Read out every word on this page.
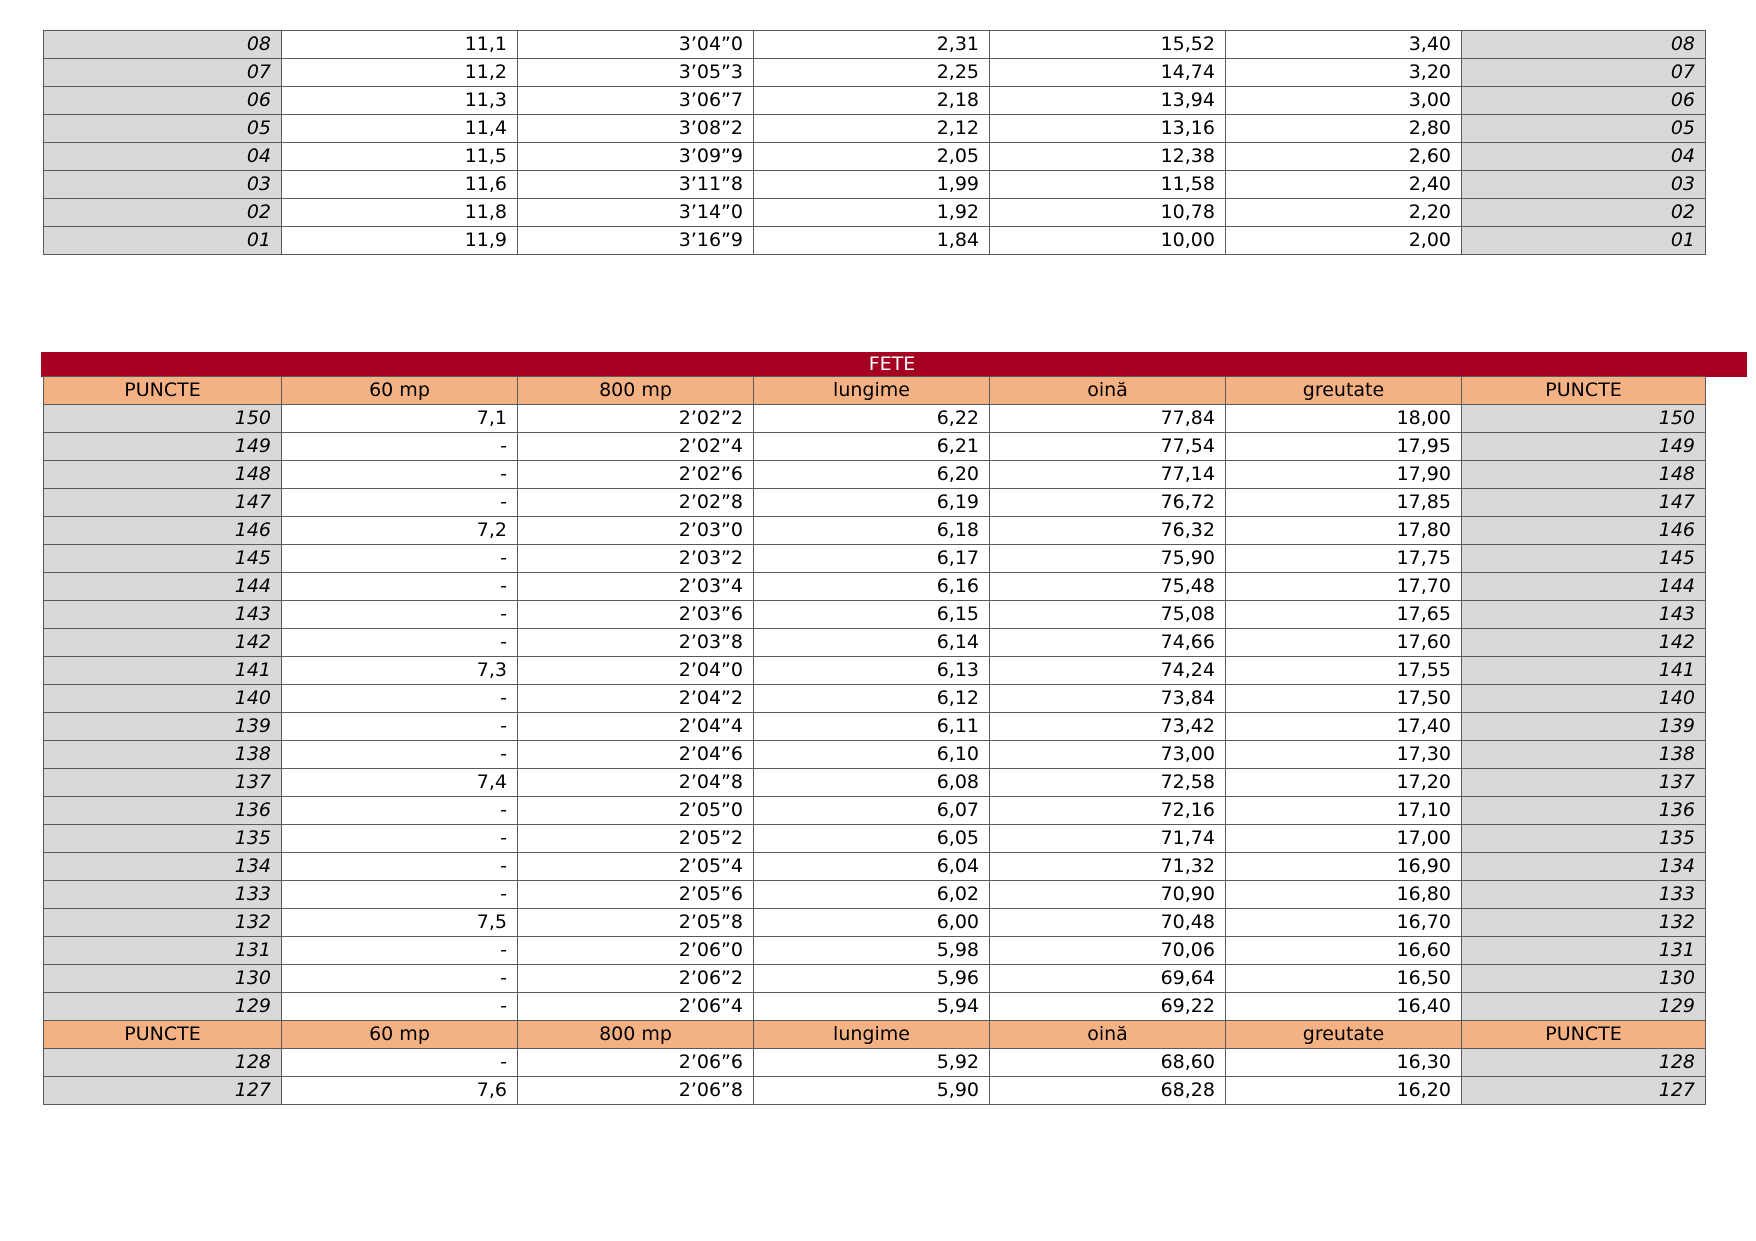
08	11,1	3’04”0	2,31	15,52	3,40	08
07	11,2	3’05”3	2,25	14,74	3,20	07
06	11,3	3’06”7	2,18	13,94	3,00	06
05	11,4	3’08”2	2,12	13,16	2,80	05
04	11,5	3’09”9	2,05	12,38	2,60	04
03	11,6	3’11”8	1,99	11,58	2,40	03
02	11,8	3’14”0	1,92	10,78	2,20	02
01	11,9	3’16”9	1,84	10,00	2,00	01
FETE
PUNCTE	60 mp	800 mp	lungime	oină	greutate	PUNCTE
150	7,1	2’02”2	6,22	77,84	18,00	150
149	-	2’02”4	6,21	77,54	17,95	149
148	-	2’02”6	6,20	77,14	17,90	148
147	-	2’02”8	6,19	76,72	17,85	147
146	7,2	2’03”0	6,18	76,32	17,80	146
145	-	2’03”2	6,17	75,90	17,75	145
144	-	2’03”4	6,16	75,48	17,70	144
143	-	2’03”6	6,15	75,08	17,65	143
142	-	2’03”8	6,14	74,66	17,60	142
141	7,3	2’04”0	6,13	74,24	17,55	141
140	-	2’04”2	6,12	73,84	17,50	140
139	-	2’04”4	6,11	73,42	17,40	139
138	-	2’04”6	6,10	73,00	17,30	138
137	7,4	2’04”8	6,08	72,58	17,20	137
136	-	2’05”0	6,07	72,16	17,10	136
135	-	2’05”2	6,05	71,74	17,00	135
134	-	2’05”4	6,04	71,32	16,90	134
133	-	2’05”6	6,02	70,90	16,80	133
132	7,5	2’05”8	6,00	70,48	16,70	132
131	-	2’06”0	5,98	70,06	16,60	131
130	-	2’06”2	5,96	69,64	16,50	130
129	-	2’06”4	5,94	69,22	16,40	129
PUNCTE	60 mp	800 mp	lungime	oină	greutate	PUNCTE
128	-	2’06”6	5,92	68,60	16,30	128
127	7,6	2’06”8	5,90	68,28	16,20	127
